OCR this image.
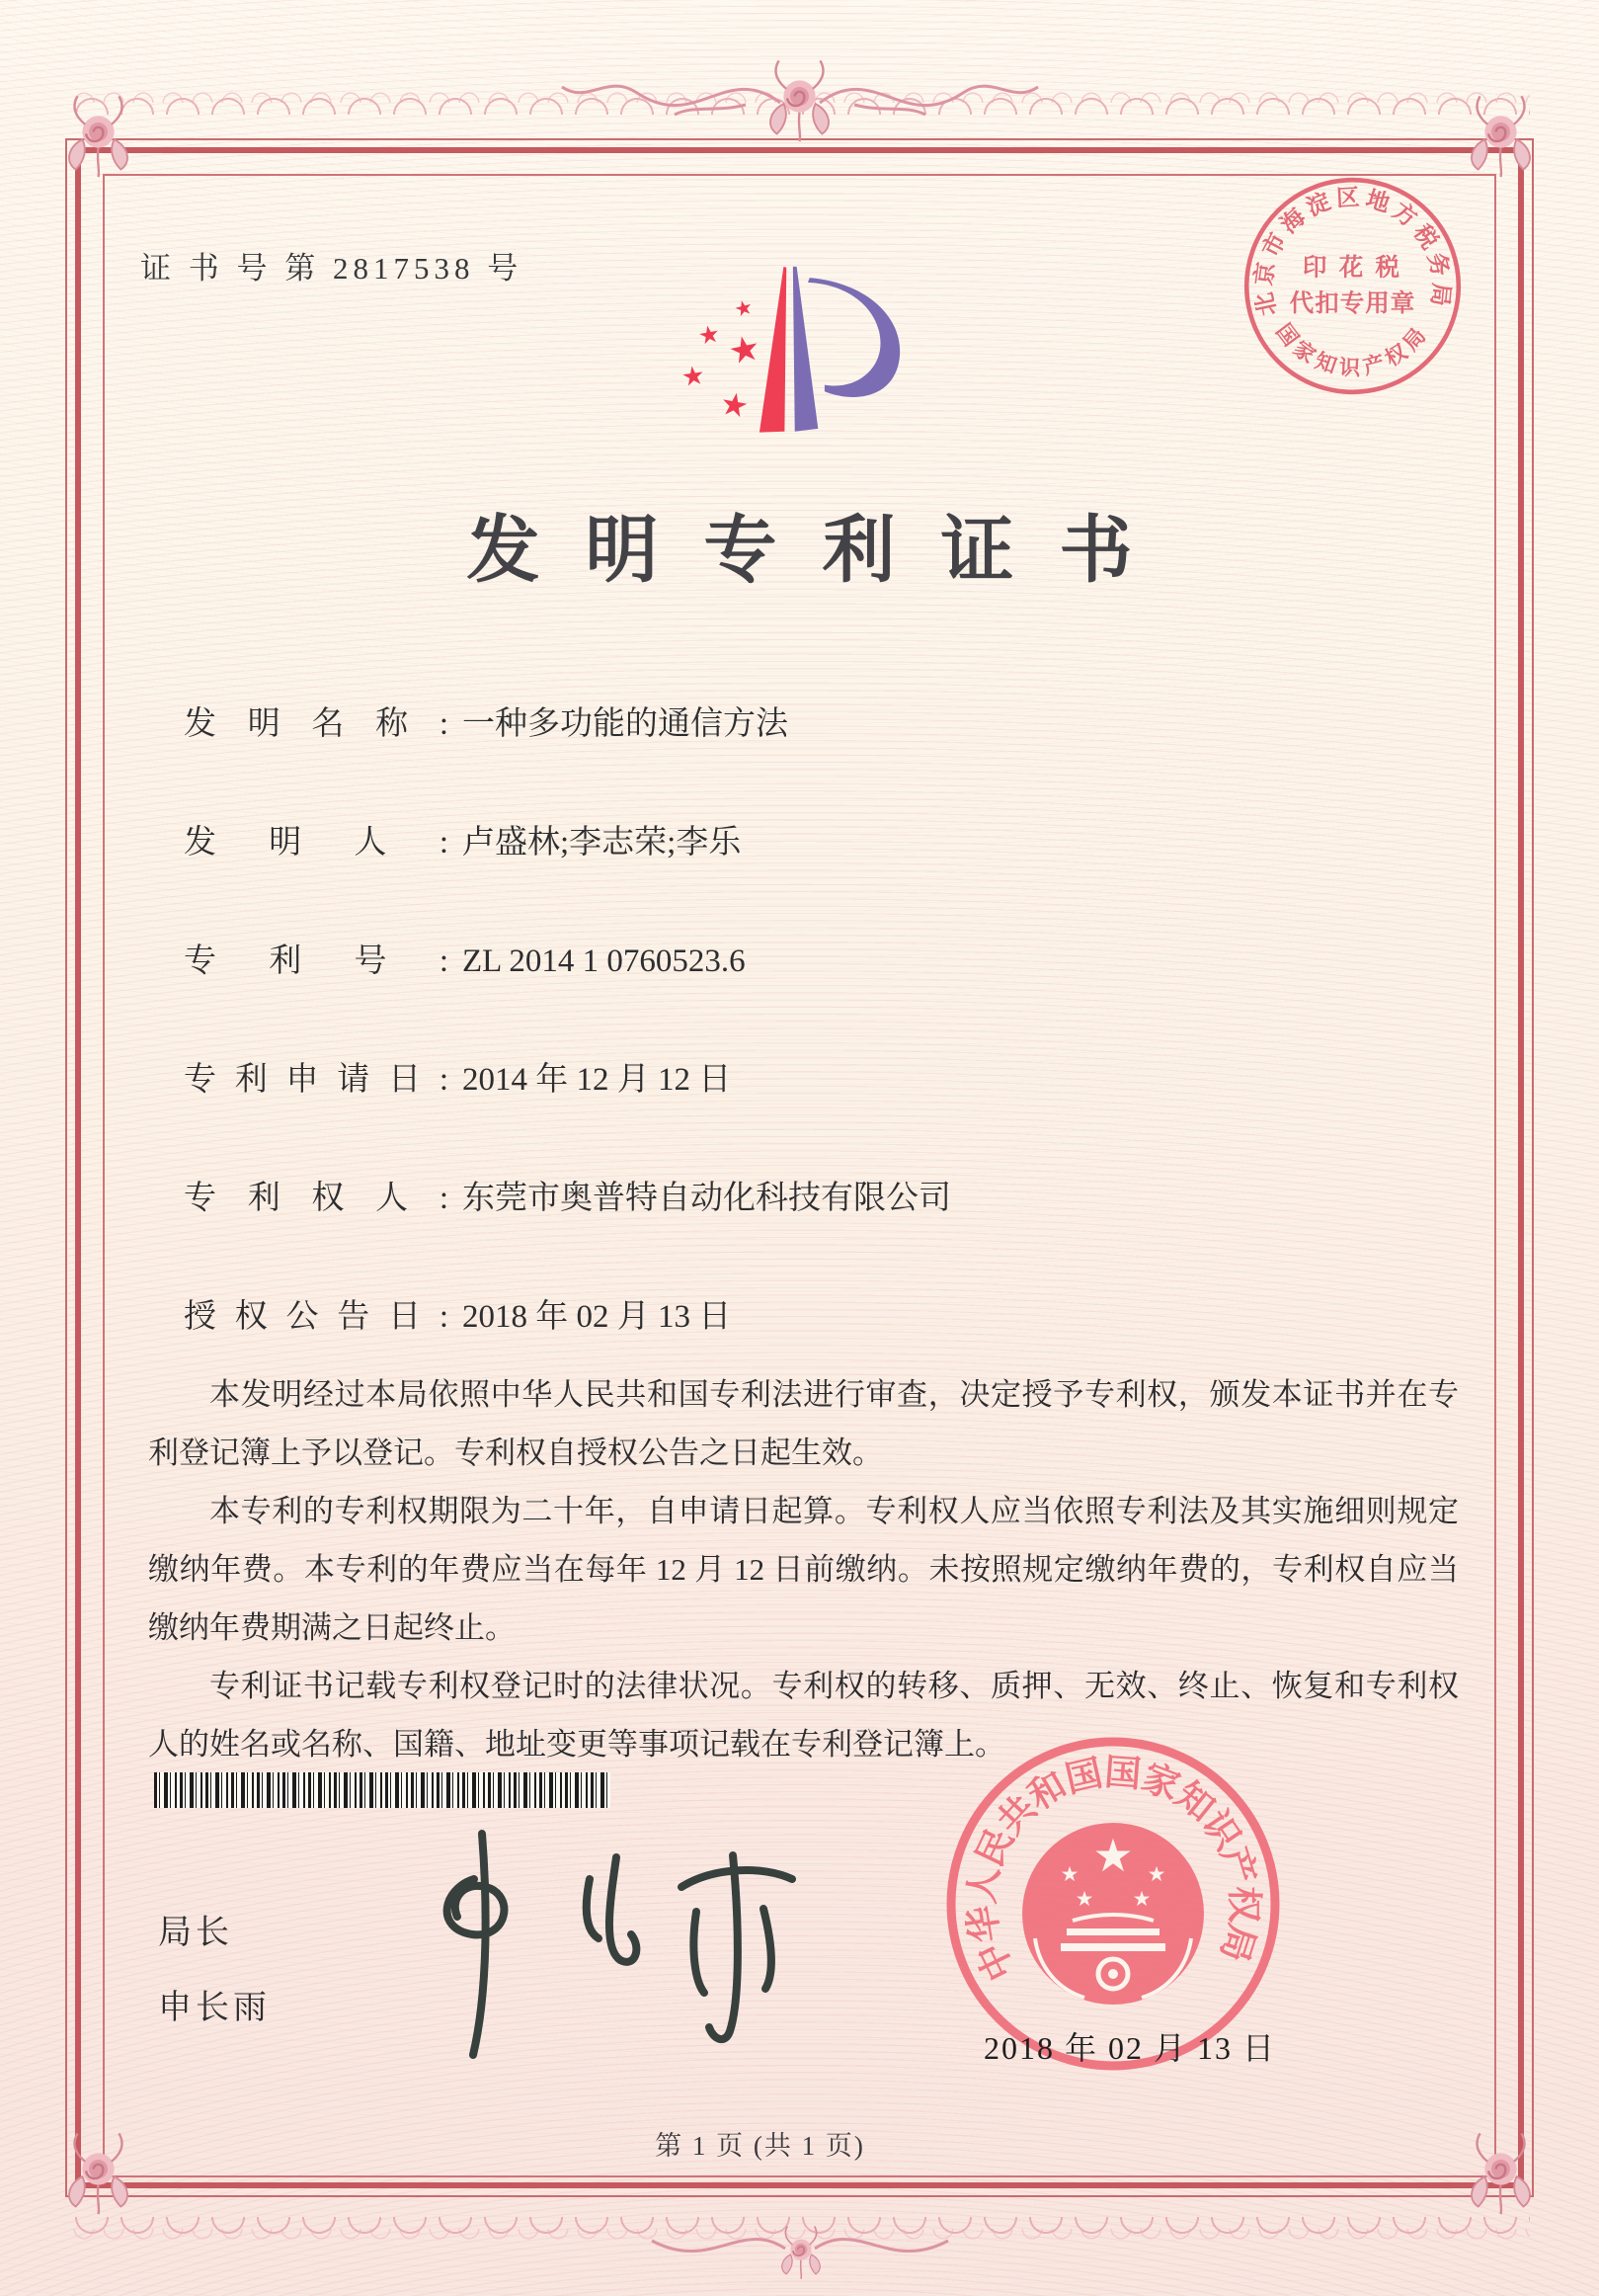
证 书 号 第 2817538 号
★
★ ★
★
★
北京市海淀区地方税务局
国家知识产权局
印 花 税
代扣专用章
发明专利证书
发明名称: 一种多功能的通信方法
发明人: 卢盛林;李志荣;李乐
专利号: ZL 2014 1 0760523.6
专利申请日: 2014 年 12 月 12 日
专利权人: 东莞市奥普特自动化科技有限公司
授权公告日: 2018 年 02 月 13 日

本发明经过本局依照中华人民共和国专利法进行审查，决定授予专利权，颁发本证书并在专利登记簿上予以登记。专利权自授权公告之日起生效。

本专利的专利权期限为二十年，自申请日起算。专利权人应当依照专利法及其实施细则规定缴纳年费。本专利的年费应当在每年 12 月 12 日前缴纳。未按照规定缴纳年费的，专利权自应当缴纳年费期满之日起终止。

专利证书记载专利权登记时的法律状况。专利权的转移、质押、无效、终止、恢复和专利权人的姓名或名称、国籍、地址变更等事项记载在专利登记簿上。

局长
申长雨
中华人民共和国国家知识产权局
★
★	★
★ ★
2018 年 02 月 13 日
第 1 页 (共 1 页)
